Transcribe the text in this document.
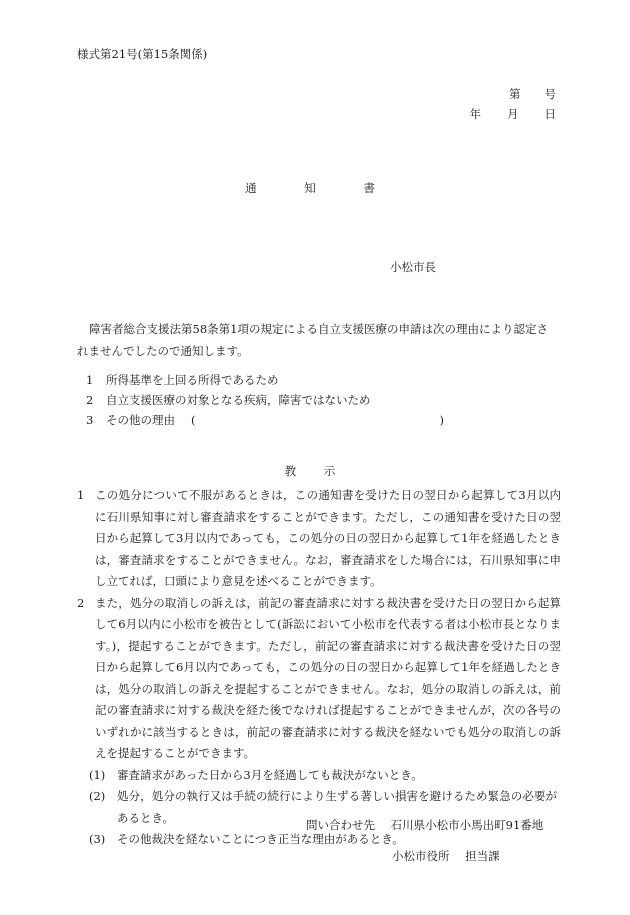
様式第21号(第15条関係)
第 号
年 月 日
通	知	書
小松市長
障害者総合支援法第58条第1項の規定による自立支援医療の申請は次の理由により認定されませんでしたので通知します。
1	所得基準を上回る所得であるため
2	自立支援医療の対象となる疾病，障害ではないため
3	その他の理由 (	)
教 示
1 この処分について不服があるときは，この通知書を受けた日の翌日から起算して3月以内に石川県知事に対し審査請求をすることができます。ただし，この通知書を受けた日の翌日から起算して3月以内であっても，この処分の日の翌日から起算して1年を経過したときは，審査請求をすることができません。なお，審査請求をした場合には，石川県知事に申し立てれば，口頭により意見を述べることができます。
2 また，処分の取消しの訴えは，前記の審査請求に対する裁決書を受けた日の翌日から起算して6月以内に小松市を被告として(訴訟において小松市を代表する者は小松市長となります。)，提起することができます。ただし，前記の審査請求に対する裁決書を受けた日の翌日から起算して6月以内であっても，この処分の日の翌日から起算して1年を経過したときは，処分の取消しの訴えを提起することができません。なお，処分の取消しの訴えは，前記の審査請求に対する裁決を経た後でなければ提起することができませんが，次の各号のいずれかに該当するときは，前記の審査請求に対する裁決を経ないでも処分の取消しの訴えを提起することができます。
(1)	審査請求があった日から3月を経過しても裁決がないとき。
(2)	処分，処分の執行又は手続の続行により生ずる著しい損害を避けるため緊急の必要があるとき。
(3)	その他裁決を経ないことにつき正当な理由があるとき。
問い合わせ先 石川県小松市小馬出町91番地
小松市役所 担当課
